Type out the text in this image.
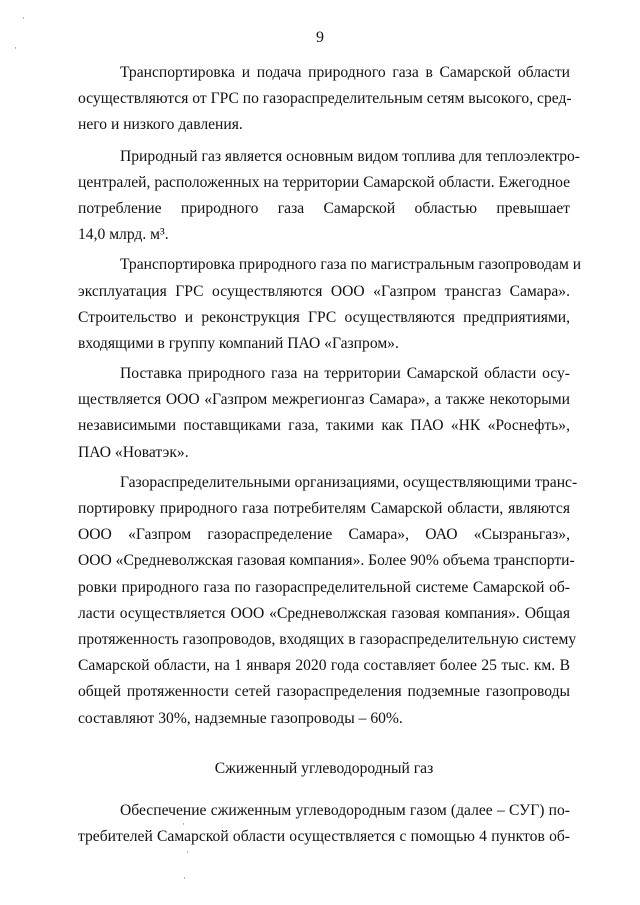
9
Транспортировка и подача природного газа в Самарской области
осуществляются от ГРС по газораспределительным сетям высокого, сред-
него и низкого давления.
Природный газ является основным видом топлива для теплоэлектро-
централей, расположенных на территории Самарской области. Ежегодное
потребление природного газа Самарской областью превышает
14,0 млрд. м³.
Транспортировка природного газа по магистральным газопроводам и
эксплуатация ГРС осуществляются ООО «Газпром трансгаз Самара».
Строительство и реконструкция ГРС осуществляются предприятиями,
входящими в группу компаний ПАО «Газпром».
Поставка природного газа на территории Самарской области осу-
ществляется ООО «Газпром межрегионгаз Самара», а также некоторыми
независимыми поставщиками газа, такими как ПАО «НК «Роснефть»,
ПАО «Новатэк».
Газораспределительными организациями, осуществляющими транс-
портировку природного газа потребителям Самарской области, являются
ООО «Газпром газораспределение Самара», ОАО «Сызраньгаз»,
ООО «Средневолжская газовая компания». Более 90% объема транспорти-
ровки природного газа по газораспределительной системе Самарской об-
ласти осуществляется ООО «Средневолжская газовая компания». Общая
протяженность газопроводов, входящих в газораспределительную систему
Самарской области, на 1 января 2020 года составляет более 25 тыс. км. В
общей протяженности сетей газораспределения подземные газопроводы
составляют 30%, надземные газопроводы – 60%.
Сжиженный углеводородный газ
Обеспечение сжиженным углеводородным газом (далее – СУГ) по-
требителей Самарской области осуществляется с помощью 4 пунктов об-
·
·
·
·
·
